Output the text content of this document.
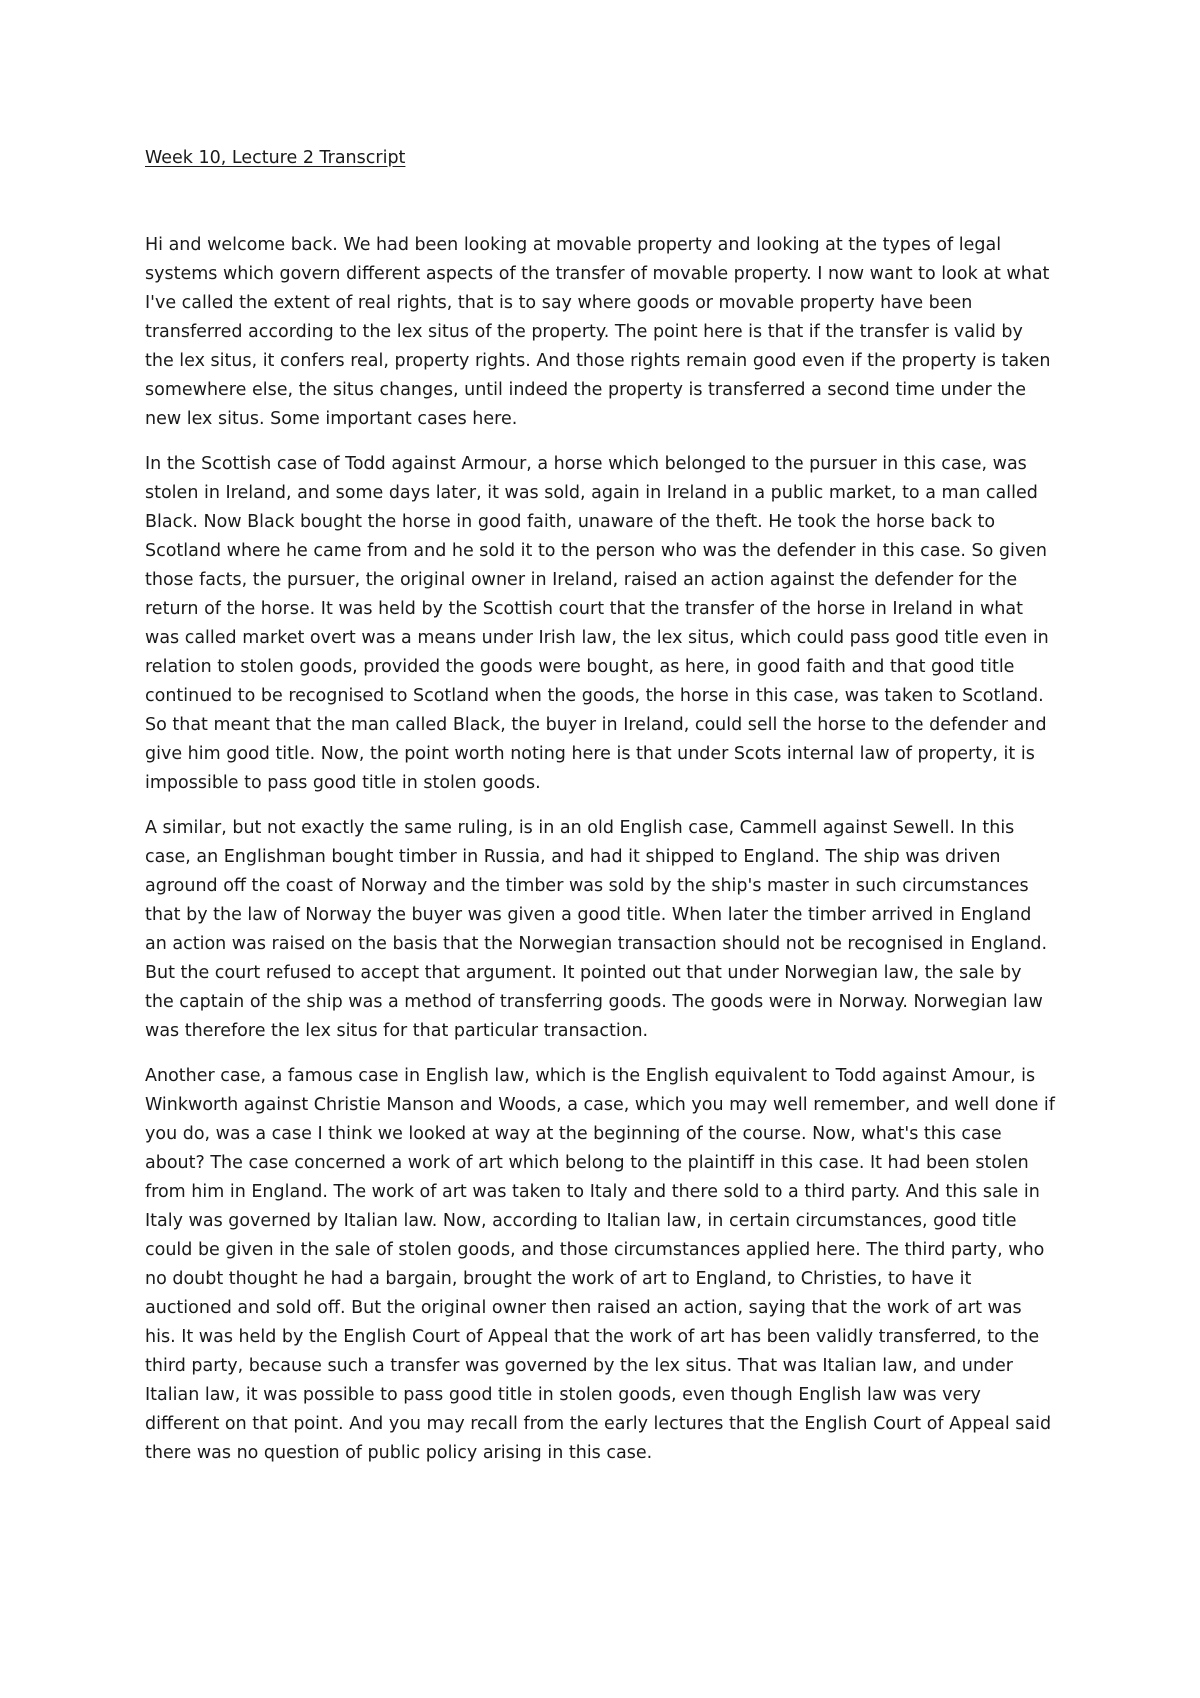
Week 10, Lecture 2 Transcript

Hi and welcome back. We had been looking at movable property and looking at the types of legal systems which govern different aspects of the transfer of movable property. I now want to look at what I've called the extent of real rights, that is to say where goods or movable property have been transferred according to the lex situs of the property. The point here is that if the transfer is valid by the lex situs, it confers real, property rights. And those rights remain good even if the property is taken somewhere else, the situs changes, until indeed the property is transferred a second time under the new lex situs. Some important cases here.

In the Scottish case of Todd against Armour, a horse which belonged to the pursuer in this case, was stolen in Ireland, and some days later, it was sold, again in Ireland in a public market, to a man called Black. Now Black bought the horse in good faith, unaware of the theft. He took the horse back to Scotland where he came from and he sold it to the person who was the defender in this case. So given those facts, the pursuer, the original owner in Ireland, raised an action against the defender for the return of the horse. It was held by the Scottish court that the transfer of the horse in Ireland in what was called market overt was a means under Irish law, the lex situs, which could pass good title even in relation to stolen goods, provided the goods were bought, as here, in good faith and that good title continued to be recognised to Scotland when the goods, the horse in this case, was taken to Scotland. So that meant that the man called Black, the buyer in Ireland, could sell the horse to the defender and give him good title. Now, the point worth noting here is that under Scots internal law of property, it is impossible to pass good title in stolen goods.

A similar, but not exactly the same ruling, is in an old English case, Cammell against Sewell. In this case, an Englishman bought timber in Russia, and had it shipped to England. The ship was driven aground off the coast of Norway and the timber was sold by the ship's master in such circumstances that by the law of Norway the buyer was given a good title. When later the timber arrived in England an action was raised on the basis that the Norwegian transaction should not be recognised in England. But the court refused to accept that argument. It pointed out that under Norwegian law, the sale by the captain of the ship was a method of transferring goods. The goods were in Norway. Norwegian law was therefore the lex situs for that particular transaction.

Another case, a famous case in English law, which is the English equivalent to Todd against Amour, is Winkworth against Christie Manson and Woods, a case, which you may well remember, and well done if you do, was a case I think we looked at way at the beginning of the course. Now, what's this case about? The case concerned a work of art which belong to the plaintiff in this case. It had been stolen from him in England. The work of art was taken to Italy and there sold to a third party. And this sale in Italy was governed by Italian law. Now, according to Italian law, in certain circumstances, good title could be given in the sale of stolen goods, and those circumstances applied here. The third party, who no doubt thought he had a bargain, brought the work of art to England, to Christies, to have it auctioned and sold off. But the original owner then raised an action, saying that the work of art was his. It was held by the English Court of Appeal that the work of art has been validly transferred, to the third party, because such a transfer was governed by the lex situs. That was Italian law, and under Italian law, it was possible to pass good title in stolen goods, even though English law was very different on that point. And you may recall from the early lectures that the English Court of Appeal said there was no question of public policy arising in this case.
